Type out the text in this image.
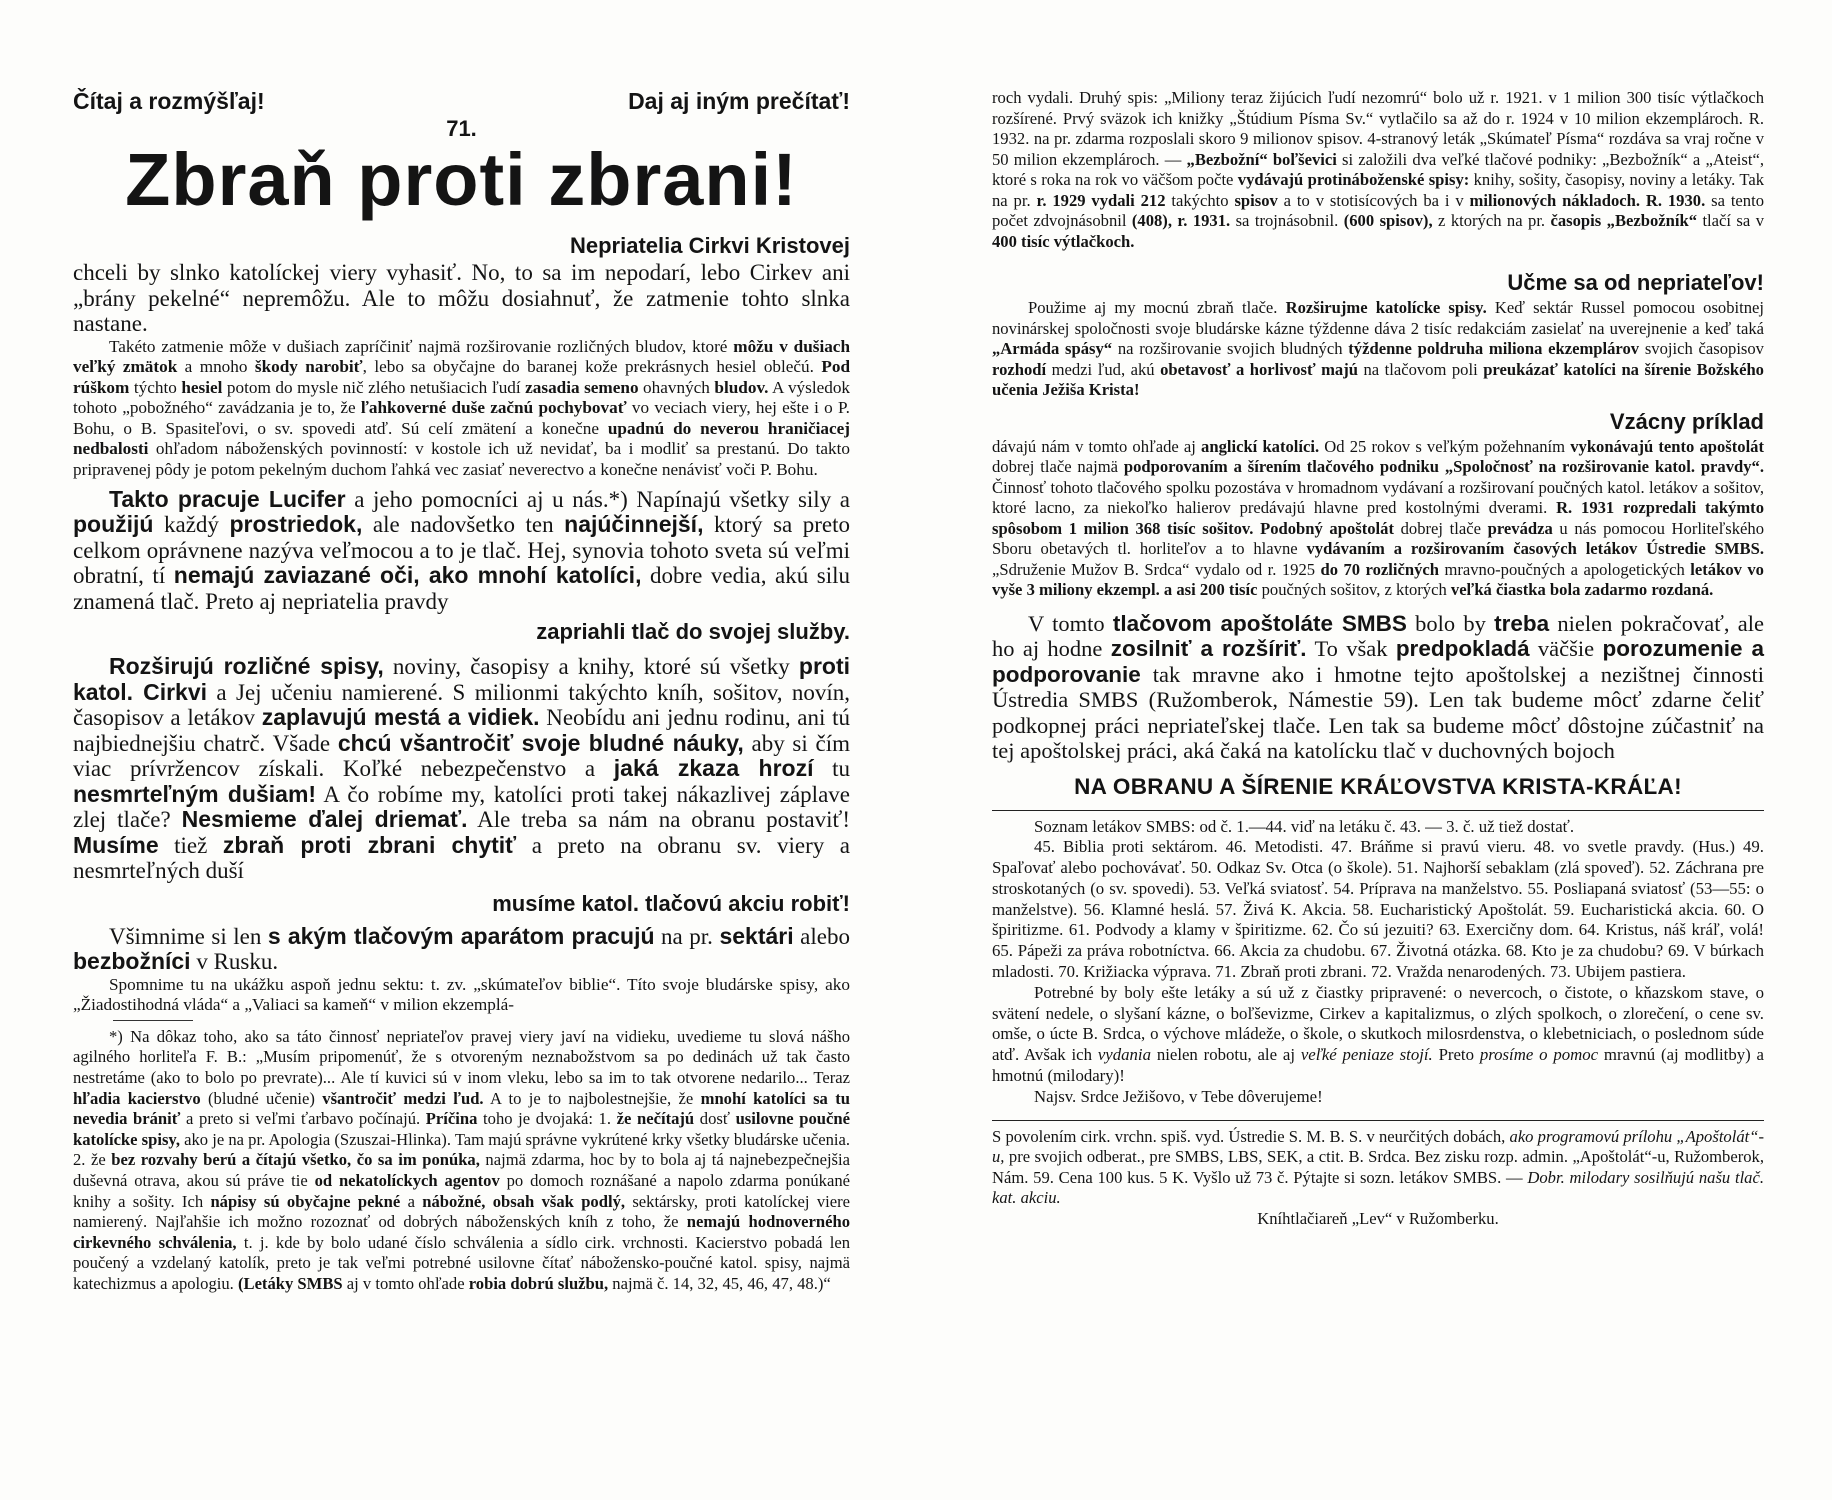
Čítaj a rozmýšľaj!	Daj aj iným prečítať!
71.
Zbraň proti zbrani!

Nepriatelia Cirkvi Kristovej

chceli by slnko katolíckej viery vyhasiť. No, to sa im nepodarí, lebo Cirkev ani „brány pekelné“ nepremôžu. Ale to môžu dosiahnuť, že zatmenie tohto slnka nastane.

Takéto zatmenie môže v dušiach zapríčiniť najmä rozširovanie rozličných bludov, ktoré môžu v dušiach veľký zmätok a mnoho škody narobiť, lebo sa obyčajne do baranej kože prekrásnych hesiel oblečú. Pod rúškom týchto hesiel potom do mysle nič zlého netušiacich ľudí zasadia semeno ohavných bludov. A výsledok tohoto „pobožného“ zavádzania je to, že ľahkoverné duše začnú pochybovať vo veciach viery, hej ešte i o P. Bohu, o B. Spasiteľovi, o sv. spovedi atď. Sú celí zmätení a konečne upadnú do neverou hraničiacej nedbalosti ohľadom náboženských povinností: v kostole ich už nevidať, ba i modliť sa prestanú. Do takto pripravenej pôdy je potom pekelným duchom ľahká vec zasiať neverectvo a konečne nenávisť voči P. Bohu.

Takto pracuje Lucifer a jeho pomocníci aj u nás.*) Napínajú všetky sily a použijú každý prostriedok, ale nadovšetko ten najúčinnejší, ktorý sa preto celkom oprávnene nazýva veľmocou a to je tlač. Hej, synovia tohoto sveta sú veľmi obratní, tí nemajú zaviazané oči, ako mnohí katolíci, dobre vedia, akú silu znamená tlač. Preto aj nepriatelia pravdy

zapriahli tlač do svojej služby.

Rozširujú rozličné spisy, noviny, časopisy a knihy, ktoré sú všetky proti katol. Cirkvi a Jej učeniu namierené. S milionmi takýchto kníh, sošitov, novín, časopisov a letákov zaplavujú mestá a vidiek. Neobídu ani jednu rodinu, ani tú najbiednejšiu chatrč. Všade chcú všantročiť svoje bludné náuky, aby si čím viac prívržencov získali. Koľké nebezpečenstvo a jaká zkaza hrozí tu nesmrteľným dušiam! A čo robíme my, katolíci proti takej nákazlivej záplave zlej tlače? Nesmieme ďalej driemať. Ale treba sa nám na obranu postaviť! Musíme tiež zbraň proti zbrani chytiť a preto na obranu sv. viery a nesmrteľných duší

musíme katol. tlačovú akciu robiť!

Všimnime si len s akým tlačovým aparátom pracujú na pr. sektári alebo bezbožníci v Rusku.

Spomnime tu na ukážku aspoň jednu sektu: t. zv. „skúmateľov biblie“. Títo svoje bludárske spisy, ako „Žiadostihodná vláda“ a „Valiaci sa kameň“ v milion ekzemplá-

*) Na dôkaz toho, ako sa táto činnosť nepriateľov pravej viery javí na vidieku, uvedieme tu slová nášho agilného horliteľa F. B.: „Musím pripomenúť, že s otvoreným neznabožstvom sa po dedinách už tak často nestretáme (ako to bolo po prevrate)... Ale tí kuvici sú v inom vleku, lebo sa im to tak otvorene nedarilo... Teraz hľadia kacierstvo (bludné učenie) všantročiť medzi ľud. A to je to najbolestnejšie, že mnohí katolíci sa tu nevedia brániť a preto si veľmi ťarbavo počínajú. Príčina toho je dvojaká: 1. že nečítajú dosť usilovne poučné katolícke spisy, ako je na pr. Apologia (Szuszai-Hlinka). Tam majú správne vykrútené krky všetky bludárske učenia. 2. že bez rozvahy berú a čítajú všetko, čo sa im ponúka, najmä zdarma, hoc by to bola aj tá najnebezpečnejšia duševná otrava, akou sú práve tie od nekatolíckych agentov po domoch roznášané a napolo zdarma ponúkané knihy a sošity. Ich nápisy sú obyčajne pekné a nábožné, obsah však podlý, sektársky, proti katolíckej viere namierený. Najľahšie ich možno rozoznať od dobrých náboženských kníh z toho, že nemajú hodnoverného cirkevného schválenia, t. j. kde by bolo udané číslo schválenia a sídlo cirk. vrchnosti. Kacierstvo pobadá len poučený a vzdelaný katolík, preto je tak veľmi potrebné usilovne čítať nábožensko-poučné katol. spisy, najmä katechizmus a apologiu. (Letáky SMBS aj v tomto ohľade robia dobrú službu, najmä č. 14, 32, 45, 46, 47, 48.)“

roch vydali. Druhý spis: „Miliony teraz žijúcich ľudí nezomrú“ bolo už r. 1921. v 1 milion 300 tisíc výtlačkoch rozšírené. Prvý sväzok ich knižky „Štúdium Písma Sv.“ vytlačilo sa až do r. 1924 v 10 milion ekzemplároch. R. 1932. na pr. zdarma rozposlali skoro 9 milionov spisov. 4-stranový leták „Skúmateľ Písma“ rozdáva sa vraj ročne v 50 milion ekzemplároch. — „Bezbožní“ boľševici si založili dva veľké tlačové podniky: „Bezbožník“ a „Ateist“, ktoré s roka na rok vo väčšom počte vydávajú protináboženské spisy: knihy, sošity, časopisy, noviny a letáky. Tak na pr. r. 1929 vydali 212 takýchto spisov a to v stotisícových ba i v milionových nákladoch. R. 1930. sa tento počet zdvojnásobnil (408), r. 1931. sa trojnásobnil. (600 spisov), z ktorých na pr. časopis „Bezbožník“ tlačí sa v 400 tisíc výtlačkoch.

Učme sa od nepriateľov!

Použime aj my mocnú zbraň tlače. Rozširujme katolícke spisy. Keď sektár Russel pomocou osobitnej novinárskej spoločnosti svoje bludárske kázne týždenne dáva 2 tisíc redakciám zasielať na uverejnenie a keď taká „Armáda spásy“ na rozširovanie svojich bludných týždenne poldruha miliona ekzemplárov svojich časopisov rozhodí medzi ľud, akú obetavosť a horlivosť majú na tlačovom poli preukázať katolíci na šírenie Božského učenia Ježiša Krista!

Vzácny príklad

dávajú nám v tomto ohľade aj anglickí katolíci. Od 25 rokov s veľkým požehnaním vykonávajú tento apoštolát dobrej tlače najmä podporovaním a šírením tlačového podniku „Spoločnosť na rozširovanie katol. pravdy“. Činnosť tohoto tlačového spolku pozostáva v hromadnom vydávaní a rozširovaní poučných katol. letákov a sošitov, ktoré lacno, za niekoľko halierov predávajú hlavne pred kostolnými dverami. R. 1931 rozpredali takýmto spôsobom 1 milion 368 tisíc sošitov. Podobný apoštolát dobrej tlače prevádza u nás pomocou Horliteľského Sboru obetavých tl. horliteľov a to hlavne vydávaním a rozširovaním časových letákov Ústredie SMBS. „Sdruženie Mužov B. Srdca“ vydalo od r. 1925 do 70 rozličných mravno-poučných a apologetických letákov vo vyše 3 miliony ekzempl. a asi 200 tisíc poučných sošitov, z ktorých veľká čiastka bola zadarmo rozdaná.

V tomto tlačovom apoštoláte SMBS bolo by treba nielen pokračovať, ale ho aj hodne zosilniť a rozšíriť. To však predpokladá väčšie porozumenie a podporovanie tak mravne ako i hmotne tejto apoštolskej a nezištnej činnosti Ústredia SMBS (Ružomberok, Námestie 59). Len tak budeme môcť zdarne čeliť podkopnej práci nepriateľskej tlače. Len tak sa budeme môcť dôstojne zúčastniť na tej apoštolskej práci, aká čaká na katolícku tlač v duchovných bojoch

NA OBRANU A ŠÍRENIE KRÁĽOVSTVA KRISTA-KRÁĽA!

Soznam letákov SMBS: od č. 1.—44. viď na letáku č. 43. — 3. č. už tiež dostať.

45. Biblia proti sektárom. 46. Metodisti. 47. Bráňme si pravú vieru. 48. vo svetle pravdy. (Hus.) 49. Spaľovať alebo pochovávať. 50. Odkaz Sv. Otca (o škole). 51. Najhorší sebaklam (zlá spoveď). 52. Záchrana pre stroskotaných (o sv. spovedi). 53. Veľká sviatosť. 54. Príprava na manželstvo. 55. Posliapaná sviatosť (53—55: o manželstve). 56. Klamné heslá. 57. Živá K. Akcia. 58. Eucharistický Apoštolát. 59. Eucharistická akcia. 60. O špiritizme. 61. Podvody a klamy v špiritizme. 62. Čo sú jezuiti? 63. Exercičny dom. 64. Kristus, náš kráľ, volá! 65. Pápeži za práva robotníctva. 66. Akcia za chudobu. 67. Životná otázka. 68. Kto je za chudobu? 69. V búrkach mladosti. 70. Križiacka výprava. 71. Zbraň proti zbrani. 72. Vražda nenarodených. 73. Ubijem pastiera.

Potrebné by boly ešte letáky a sú už z čiastky pripravené: o nevercoch, o čistote, o kňazskom stave, o svätení nedele, o slyšaní kázne, o boľševizme, Cirkev a kapitalizmus, o zlých spolkoch, o zlorečení, o cene sv. omše, o úcte B. Srdca, o výchove mládeže, o škole, o skutkoch milosrdenstva, o klebetniciach, o poslednom súde atď. Avšak ich vydania nielen robotu, ale aj veľké peniaze stojí. Preto prosíme o pomoc mravnú (aj modlitby) a hmotnú (milodary)!

Najsv. Srdce Ježišovo, v Tebe dôverujeme!

S povolením cirk. vrchn. spiš. vyd. Ústredie S. M. B. S. v neurčitých dobách, ako programovú prílohu „Apoštolát“-u, pre svojich odberat., pre SMBS, LBS, SEK, a ctit. B. Srdca. Bez zisku rozp. admin. „Apoštolát“-u, Ružomberok, Nám. 59. Cena 100 kus. 5 K. Vyšlo už 73 č. Pýtajte si sozn. letákov SMBS. — Dobr. milodary sosilňujú našu tlač. kat. akciu.

Kníhtlačiareň „Lev“ v Ružomberku.
